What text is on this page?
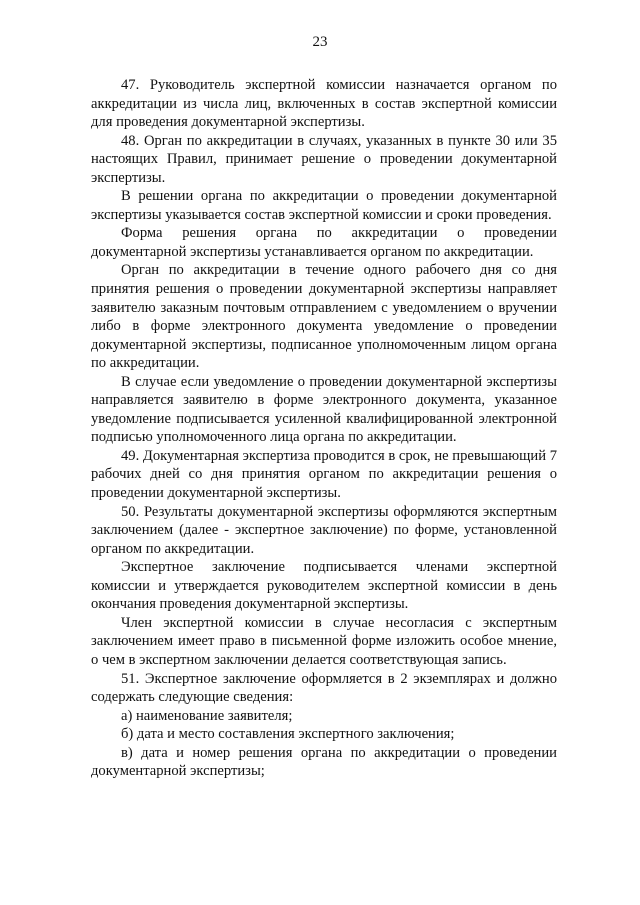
23

47. Руководитель экспертной комиссии назначается органом по аккредитации из числа лиц, включенных в состав экспертной комиссии для проведения документарной экспертизы.

48. Орган по аккредитации в случаях, указанных в пункте 30 или 35 настоящих Правил, принимает решение о проведении документарной экспертизы.

В решении органа по аккредитации о проведении документарной экспертизы указывается состав экспертной комиссии и сроки проведения.

Форма решения органа по аккредитации о проведении документарной экспертизы устанавливается органом по аккредитации.

Орган по аккредитации в течение одного рабочего дня со дня принятия решения о проведении документарной экспертизы направляет заявителю заказным почтовым отправлением с уведомлением о вручении либо в форме электронного документа уведомление о проведении документарной экспертизы, подписанное уполномоченным лицом органа по аккредитации.

В случае если уведомление о проведении документарной экспертизы направляется заявителю в форме электронного документа, указанное уведомление подписывается усиленной квалифицированной электронной подписью уполномоченного лица органа по аккредитации.

49. Документарная экспертиза проводится в срок, не превышающий 7 рабочих дней со дня принятия органом по аккредитации решения о проведении документарной экспертизы.

50. Результаты документарной экспертизы оформляются экспертным заключением (далее - экспертное заключение) по форме, установленной органом по аккредитации.

Экспертное заключение подписывается членами экспертной комиссии и утверждается руководителем экспертной комиссии в день окончания проведения документарной экспертизы.

Член экспертной комиссии в случае несогласия с экспертным заключением имеет право в письменной форме изложить особое мнение, о чем в экспертном заключении делается соответствующая запись.

51. Экспертное заключение оформляется в 2 экземплярах и должно содержать следующие сведения:

а) наименование заявителя;

б) дата и место составления экспертного заключения;

в) дата и номер решения органа по аккредитации о проведении документарной экспертизы;
